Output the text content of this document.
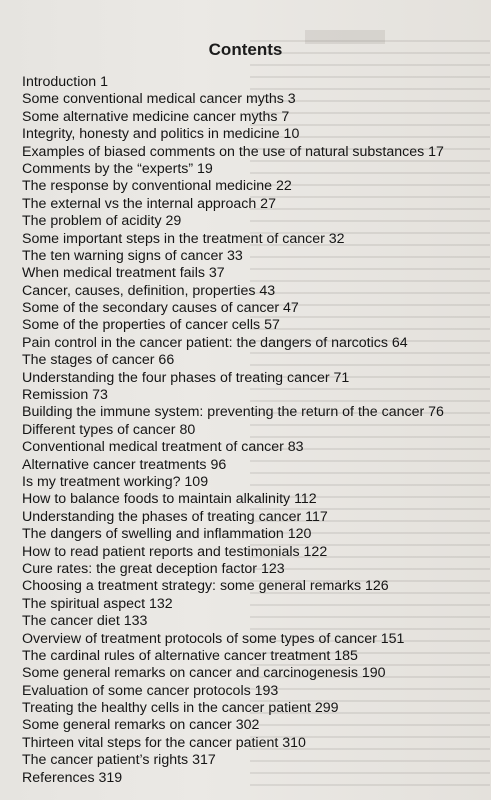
Contents
Introduction 1
Some conventional medical cancer myths 3
Some alternative medicine cancer myths 7
Integrity, honesty and politics in medicine 10
Examples of biased comments on the use of natural substances 17
Comments by the “experts” 19
The response by conventional medicine 22
The external vs the internal approach 27
The problem of acidity 29
Some important steps in the treatment of cancer 32
The ten warning signs of cancer 33
When medical treatment fails 37
Cancer, causes, definition, properties 43
Some of the secondary causes of cancer 47
Some of the properties of cancer cells 57
Pain control in the cancer patient: the dangers of narcotics 64
The stages of cancer 66
Understanding the four phases of treating cancer 71
Remission 73
Building the immune system: preventing the return of the cancer 76
Different types of cancer 80
Conventional medical treatment of cancer 83
Alternative cancer treatments 96
Is my treatment working? 109
How to balance foods to maintain alkalinity 112
Understanding the phases of treating cancer 117
The dangers of swelling and inflammation 120
How to read patient reports and testimonials 122
Cure rates: the great deception factor 123
Choosing a treatment strategy: some general remarks 126
The spiritual aspect 132
The cancer diet 133
Overview of treatment protocols of some types of cancer 151
The cardinal rules of alternative cancer treatment 185
Some general remarks on cancer and carcinogenesis 190
Evaluation of some cancer protocols 193
Treating the healthy cells in the cancer patient 299
Some general remarks on cancer 302
Thirteen vital steps for the cancer patient 310
The cancer patient’s rights 317
References 319
